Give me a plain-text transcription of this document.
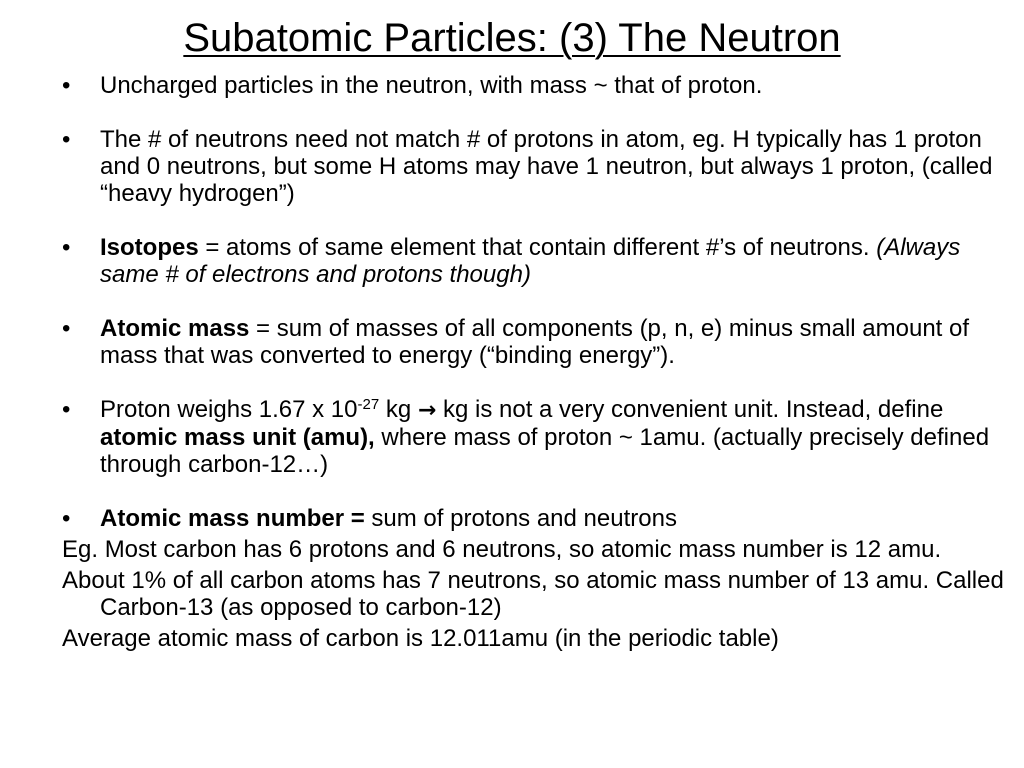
Subatomic Particles: (3) The Neutron

•	Uncharged particles in the neutron, with mass ~ that of proton.

•	The # of neutrons need not match # of protons in atom, eg. H typically has 1 proton and 0 neutrons, but some H atoms may have 1 neutron, but always 1 proton, (called “heavy hydrogen”)

•	Isotopes = atoms of same element that contain different #’s of neutrons. (Always same # of electrons and protons though)

•	Atomic mass = sum of masses of all components (p, n, e) minus small amount of mass that was converted to energy (“binding energy”).

•	Proton weighs 1.67 x $10^{-27}$ kg → kg is not a very convenient unit. Instead, define atomic mass unit (amu), where mass of proton ~ 1amu. (actually precisely defined through carbon-12…)

•	Atomic mass number = sum of protons and neutrons

Eg. Most carbon has 6 protons and 6 neutrons, so atomic mass number is 12 amu.

About 1% of all carbon atoms has 7 neutrons, so atomic mass number of 13 amu. Called Carbon-13 (as opposed to carbon-12)

Average atomic mass of carbon is 12.011amu (in the periodic table)
